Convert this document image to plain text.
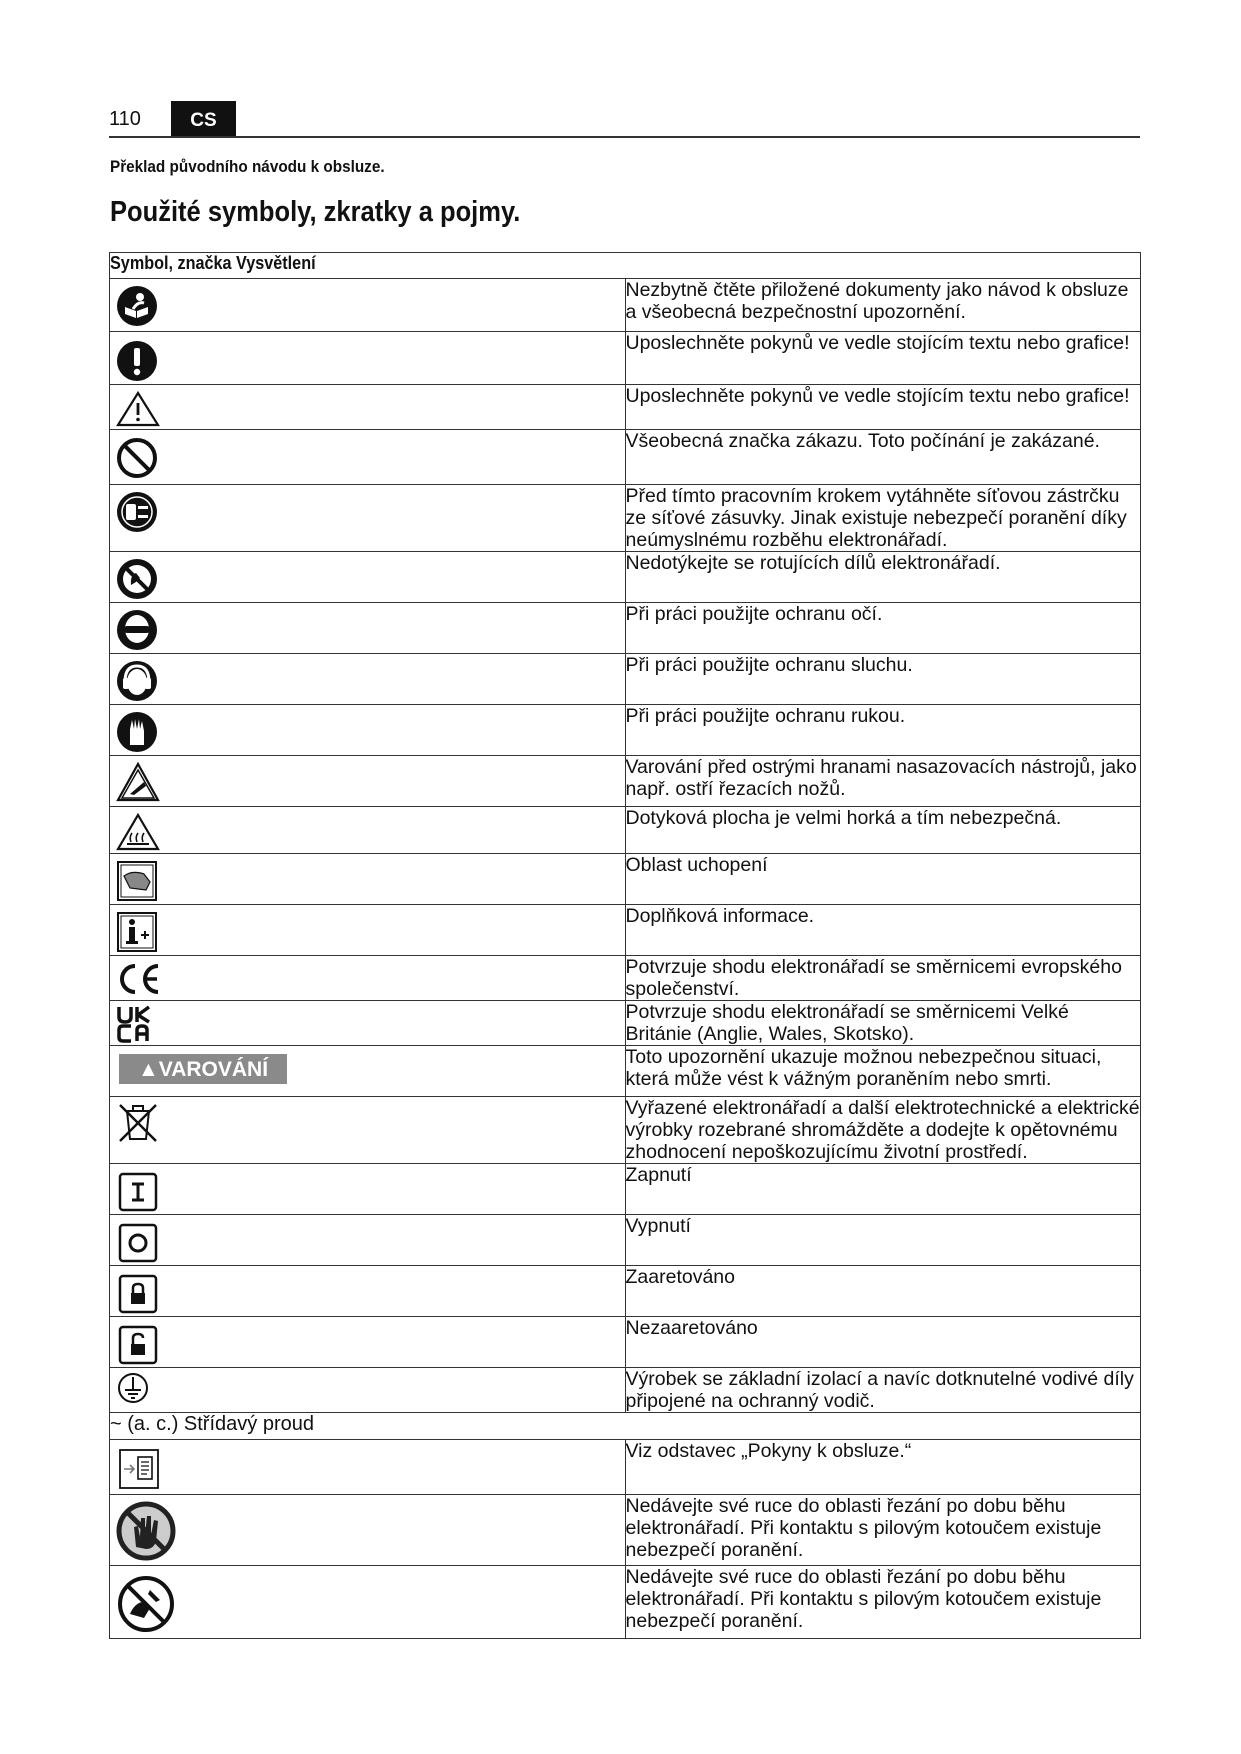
110	CS
Překlad původního návodu k obsluze.
Použité symboly, zkratky a pojmy.
Symbol, značka Vysvětlení	

	Nezbytně čtěte přiložené dokumenty jako návod k obsluze a všeobecná bezpečnostní upozornění.

	Uposlechněte pokynů ve vedle stojícím textu nebo grafice!

	Uposlechněte pokynů ve vedle stojícím textu nebo grafice!

	Všeobecná značka zákazu. Toto počínání je zakázané.

	Před tímto pracovním krokem vytáhněte síťovou zástrčku ze síťové zásuvky. Jinak existuje nebezpečí poranění díky neúmyslnému rozběhu elektronářadí.

	Nedotýkejte se rotujících dílů elektronářadí.

	Při práci použijte ochranu očí.

	Při práci použijte ochranu sluchu.

	Při práci použijte ochranu rukou.

	Varování před ostrými hranami nasazovacích nástrojů, jako např. ostří řezacích nožů.

	Dotyková plocha je velmi horká a tím nebezpečná.

	Oblast uchopení

	Doplňková informace.

	Potvrzuje shodu elektronářadí se směrnicemi evropského společenství.

	Potvrzuje shodu elektronářadí se směrnicemi Velké Británie (Anglie, Wales, Skotsko).

▲VAROVÁNÍ	Toto upozornění ukazuje možnou nebezpečnou situaci, která může vést k vážným poraněním nebo smrti.

	Vyřazené elektronářadí a další elektrotechnické a elektrické výrobky rozebrané shromážděte a dodejte k opětovnému zhodnocení nepoškozujícímu životní prostředí.

	Zapnutí

	Vypnutí

	Zaaretováno

	Nezaaretováno

	Výrobek se základní izolací a navíc dotknutelné vodivé díly připojené na ochranný vodič.
~ (a. c.) Střídavý proud	

	Viz odstavec „Pokyny k obsluze.“

	Nedávejte své ruce do oblasti řezání po dobu běhu elektronářadí. Při kontaktu s pilovým kotoučem existuje nebezpečí poranění.

	Nedávejte své ruce do oblasti řezání po dobu běhu elektronářadí. Při kontaktu s pilovým kotoučem existuje nebezpečí poranění.
